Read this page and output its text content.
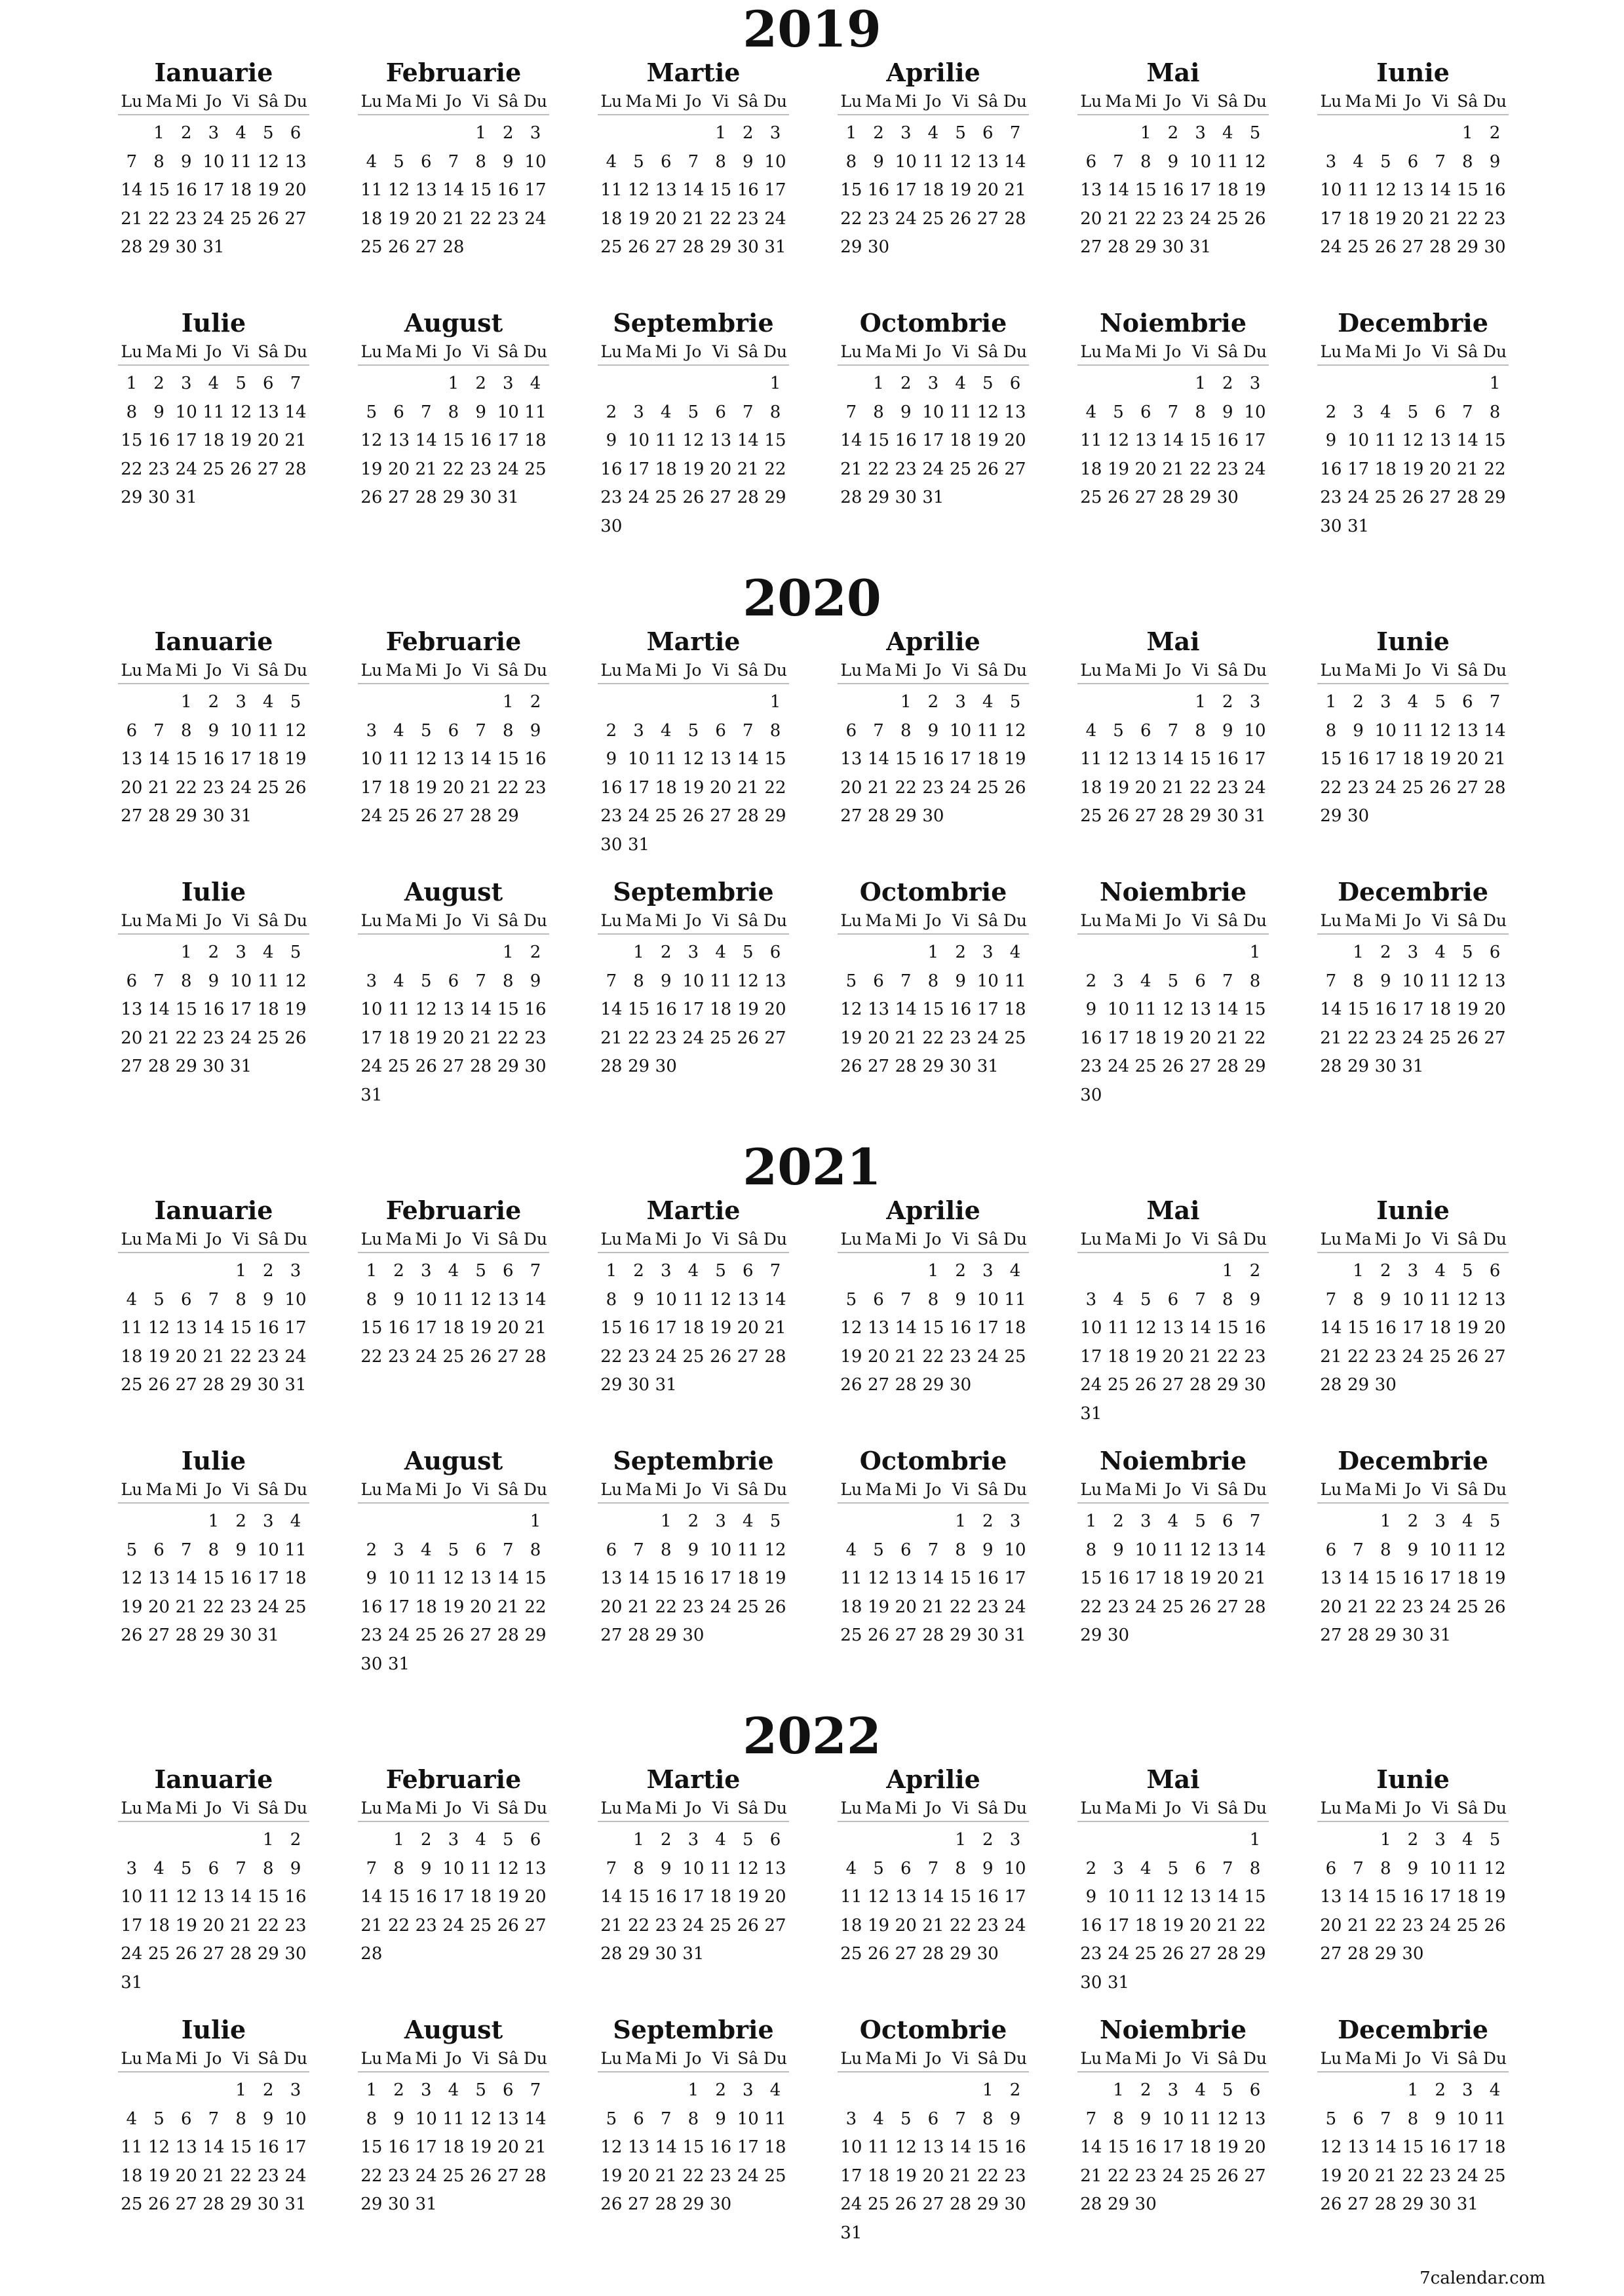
2019
Ianuarie
Lu Ma Mi Jo Vi Sâ Du
1 2 3 4 5 6
7 8 9 10 11 12 13
14 15 16 17 18 19 20
21 22 23 24 25 26 27
28 29 30 31
Februarie
Lu Ma Mi Jo Vi Sâ Du
1 2 3
4 5 6 7 8 9 10
11 12 13 14 15 16 17
18 19 20 21 22 23 24
25 26 27 28
Martie
Lu Ma Mi Jo Vi Sâ Du
1 2 3
4 5 6 7 8 9 10
11 12 13 14 15 16 17
18 19 20 21 22 23 24
25 26 27 28 29 30 31
Aprilie
Lu Ma Mi Jo Vi Sâ Du
1 2 3 4 5 6 7
8 9 10 11 12 13 14
15 16 17 18 19 20 21
22 23 24 25 26 27 28
29 30
Mai
Lu Ma Mi Jo Vi Sâ Du
1 2 3 4 5
6 7 8 9 10 11 12
13 14 15 16 17 18 19
20 21 22 23 24 25 26
27 28 29 30 31
Iunie
Lu Ma Mi Jo Vi Sâ Du
1 2
3 4 5 6 7 8 9
10 11 12 13 14 15 16
17 18 19 20 21 22 23
24 25 26 27 28 29 30
Iulie
Lu Ma Mi Jo Vi Sâ Du
1 2 3 4 5 6 7
8 9 10 11 12 13 14
15 16 17 18 19 20 21
22 23 24 25 26 27 28
29 30 31
August
Lu Ma Mi Jo Vi Sâ Du
1 2 3 4
5 6 7 8 9 10 11
12 13 14 15 16 17 18
19 20 21 22 23 24 25
26 27 28 29 30 31
Septembrie
Lu Ma Mi Jo Vi Sâ Du
1
2 3 4 5 6 7 8
9 10 11 12 13 14 15
16 17 18 19 20 21 22
23 24 25 26 27 28 29
30
Octombrie
Lu Ma Mi Jo Vi Sâ Du
1 2 3 4 5 6
7 8 9 10 11 12 13
14 15 16 17 18 19 20
21 22 23 24 25 26 27
28 29 30 31
Noiembrie
Lu Ma Mi Jo Vi Sâ Du
1 2 3
4 5 6 7 8 9 10
11 12 13 14 15 16 17
18 19 20 21 22 23 24
25 26 27 28 29 30
Decembrie
Lu Ma Mi Jo Vi Sâ Du
1
2 3 4 5 6 7 8
9 10 11 12 13 14 15
16 17 18 19 20 21 22
23 24 25 26 27 28 29
30 31
2020
Ianuarie
Lu Ma Mi Jo Vi Sâ Du
1 2 3 4 5
6 7 8 9 10 11 12
13 14 15 16 17 18 19
20 21 22 23 24 25 26
27 28 29 30 31
Februarie
Lu Ma Mi Jo Vi Sâ Du
1 2
3 4 5 6 7 8 9
10 11 12 13 14 15 16
17 18 19 20 21 22 23
24 25 26 27 28 29
Martie
Lu Ma Mi Jo Vi Sâ Du
1
2 3 4 5 6 7 8
9 10 11 12 13 14 15
16 17 18 19 20 21 22
23 24 25 26 27 28 29
30 31
Aprilie
Lu Ma Mi Jo Vi Sâ Du
1 2 3 4 5
6 7 8 9 10 11 12
13 14 15 16 17 18 19
20 21 22 23 24 25 26
27 28 29 30
Mai
Lu Ma Mi Jo Vi Sâ Du
1 2 3
4 5 6 7 8 9 10
11 12 13 14 15 16 17
18 19 20 21 22 23 24
25 26 27 28 29 30 31
Iunie
Lu Ma Mi Jo Vi Sâ Du
1 2 3 4 5 6 7
8 9 10 11 12 13 14
15 16 17 18 19 20 21
22 23 24 25 26 27 28
29 30
Iulie
Lu Ma Mi Jo Vi Sâ Du
1 2 3 4 5
6 7 8 9 10 11 12
13 14 15 16 17 18 19
20 21 22 23 24 25 26
27 28 29 30 31
August
Lu Ma Mi Jo Vi Sâ Du
1 2
3 4 5 6 7 8 9
10 11 12 13 14 15 16
17 18 19 20 21 22 23
24 25 26 27 28 29 30
31
Septembrie
Lu Ma Mi Jo Vi Sâ Du
1 2 3 4 5 6
7 8 9 10 11 12 13
14 15 16 17 18 19 20
21 22 23 24 25 26 27
28 29 30
Octombrie
Lu Ma Mi Jo Vi Sâ Du
1 2 3 4
5 6 7 8 9 10 11
12 13 14 15 16 17 18
19 20 21 22 23 24 25
26 27 28 29 30 31
Noiembrie
Lu Ma Mi Jo Vi Sâ Du
1
2 3 4 5 6 7 8
9 10 11 12 13 14 15
16 17 18 19 20 21 22
23 24 25 26 27 28 29
30
Decembrie
Lu Ma Mi Jo Vi Sâ Du
1 2 3 4 5 6
7 8 9 10 11 12 13
14 15 16 17 18 19 20
21 22 23 24 25 26 27
28 29 30 31
2021
Ianuarie
Lu Ma Mi Jo Vi Sâ Du
1 2 3
4 5 6 7 8 9 10
11 12 13 14 15 16 17
18 19 20 21 22 23 24
25 26 27 28 29 30 31
Februarie
Lu Ma Mi Jo Vi Sâ Du
1 2 3 4 5 6 7
8 9 10 11 12 13 14
15 16 17 18 19 20 21
22 23 24 25 26 27 28
Martie
Lu Ma Mi Jo Vi Sâ Du
1 2 3 4 5 6 7
8 9 10 11 12 13 14
15 16 17 18 19 20 21
22 23 24 25 26 27 28
29 30 31
Aprilie
Lu Ma Mi Jo Vi Sâ Du
1 2 3 4
5 6 7 8 9 10 11
12 13 14 15 16 17 18
19 20 21 22 23 24 25
26 27 28 29 30
Mai
Lu Ma Mi Jo Vi Sâ Du
1 2
3 4 5 6 7 8 9
10 11 12 13 14 15 16
17 18 19 20 21 22 23
24 25 26 27 28 29 30
31
Iunie
Lu Ma Mi Jo Vi Sâ Du
1 2 3 4 5 6
7 8 9 10 11 12 13
14 15 16 17 18 19 20
21 22 23 24 25 26 27
28 29 30
Iulie
Lu Ma Mi Jo Vi Sâ Du
1 2 3 4
5 6 7 8 9 10 11
12 13 14 15 16 17 18
19 20 21 22 23 24 25
26 27 28 29 30 31
August
Lu Ma Mi Jo Vi Sâ Du
1
2 3 4 5 6 7 8
9 10 11 12 13 14 15
16 17 18 19 20 21 22
23 24 25 26 27 28 29
30 31
Septembrie
Lu Ma Mi Jo Vi Sâ Du
1 2 3 4 5
6 7 8 9 10 11 12
13 14 15 16 17 18 19
20 21 22 23 24 25 26
27 28 29 30
Octombrie
Lu Ma Mi Jo Vi Sâ Du
1 2 3
4 5 6 7 8 9 10
11 12 13 14 15 16 17
18 19 20 21 22 23 24
25 26 27 28 29 30 31
Noiembrie
Lu Ma Mi Jo Vi Sâ Du
1 2 3 4 5 6 7
8 9 10 11 12 13 14
15 16 17 18 19 20 21
22 23 24 25 26 27 28
29 30
Decembrie
Lu Ma Mi Jo Vi Sâ Du
1 2 3 4 5
6 7 8 9 10 11 12
13 14 15 16 17 18 19
20 21 22 23 24 25 26
27 28 29 30 31
2022
Ianuarie
Lu Ma Mi Jo Vi Sâ Du
1 2
3 4 5 6 7 8 9
10 11 12 13 14 15 16
17 18 19 20 21 22 23
24 25 26 27 28 29 30
31
Februarie
Lu Ma Mi Jo Vi Sâ Du
1 2 3 4 5 6
7 8 9 10 11 12 13
14 15 16 17 18 19 20
21 22 23 24 25 26 27
28
Martie
Lu Ma Mi Jo Vi Sâ Du
1 2 3 4 5 6
7 8 9 10 11 12 13
14 15 16 17 18 19 20
21 22 23 24 25 26 27
28 29 30 31
Aprilie
Lu Ma Mi Jo Vi Sâ Du
1 2 3
4 5 6 7 8 9 10
11 12 13 14 15 16 17
18 19 20 21 22 23 24
25 26 27 28 29 30
Mai
Lu Ma Mi Jo Vi Sâ Du
1
2 3 4 5 6 7 8
9 10 11 12 13 14 15
16 17 18 19 20 21 22
23 24 25 26 27 28 29
30 31
Iunie
Lu Ma Mi Jo Vi Sâ Du
1 2 3 4 5
6 7 8 9 10 11 12
13 14 15 16 17 18 19
20 21 22 23 24 25 26
27 28 29 30
Iulie
Lu Ma Mi Jo Vi Sâ Du
1 2 3
4 5 6 7 8 9 10
11 12 13 14 15 16 17
18 19 20 21 22 23 24
25 26 27 28 29 30 31
August
Lu Ma Mi Jo Vi Sâ Du
1 2 3 4 5 6 7
8 9 10 11 12 13 14
15 16 17 18 19 20 21
22 23 24 25 26 27 28
29 30 31
Septembrie
Lu Ma Mi Jo Vi Sâ Du
1 2 3 4
5 6 7 8 9 10 11
12 13 14 15 16 17 18
19 20 21 22 23 24 25
26 27 28 29 30
Octombrie
Lu Ma Mi Jo Vi Sâ Du
1 2
3 4 5 6 7 8 9
10 11 12 13 14 15 16
17 18 19 20 21 22 23
24 25 26 27 28 29 30
31
Noiembrie
Lu Ma Mi Jo Vi Sâ Du
1 2 3 4 5 6
7 8 9 10 11 12 13
14 15 16 17 18 19 20
21 22 23 24 25 26 27
28 29 30
Decembrie
Lu Ma Mi Jo Vi Sâ Du
1 2 3 4
5 6 7 8 9 10 11
12 13 14 15 16 17 18
19 20 21 22 23 24 25
26 27 28 29 30 31
7calendar.com
